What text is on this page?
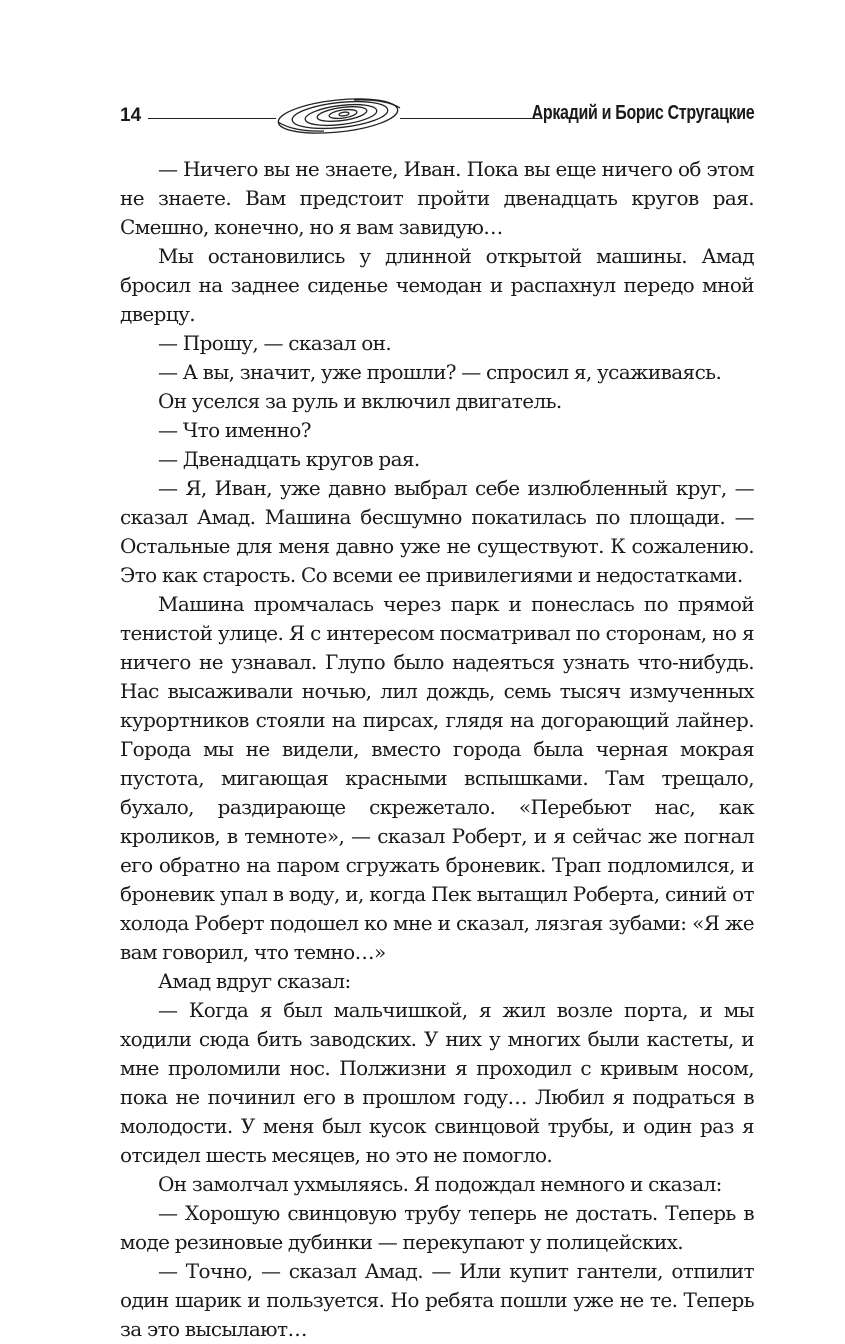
14	Аркадий и Борис Стругацкие

— Ничего вы не знаете, Иван. Пока вы еще ничего об этом не знаете. Вам предстоит пройти двенадцать кругов рая. Смешно, конечно, но я вам завидую…

Мы остановились у длинной открытой машины. Амад бросил на заднее сиденье чемодан и распахнул передо мной дверцу.

— Прошу, — сказал он.

— А вы, значит, уже прошли? — спросил я, усаживаясь.

Он уселся за руль и включил двигатель.

— Что именно?

— Двенадцать кругов рая.

— Я, Иван, уже давно выбрал себе излюбленный круг, — сказал Амад. Машина бесшумно покатилась по площади. — Остальные для меня давно уже не существуют. К сожалению. Это как старость. Со всеми ее привилегиями и недостатками.

Машина промчалась через парк и понеслась по прямой тенистой улице. Я с интересом посматривал по сторонам, но я ничего не узнавал. Глупо было надеяться узнать что-нибудь. Нас высаживали ночью, лил дождь, семь тысяч измученных курортников стояли на пирсах, глядя на догорающий лайнер. Города мы не видели, вместо города была черная мокрая пустота, мигающая красными вспышками. Там трещало, бухало, раздирающе скрежетало. «Перебьют нас, как кроликов, в темноте», — сказал Роберт, и я сейчас же погнал его обратно на паром сгружать броневик. Трап подломился, и броневик упал в воду, и, когда Пек вытащил Роберта, синий от холода Роберт подошел ко мне и сказал, лязгая зубами: «Я же вам говорил, что темно…»

Амад вдруг сказал:

— Когда я был мальчишкой, я жил возле порта, и мы ходили сюда бить заводских. У них у многих были кастеты, и мне проломили нос. Полжизни я проходил с кривым носом, пока не починил его в прошлом году… Любил я подраться в молодости. У меня был кусок свинцовой трубы, и один раз я отсидел шесть месяцев, но это не помогло.

Он замолчал ухмыляясь. Я подождал немного и сказал:

— Хорошую свинцовую трубу теперь не достать. Теперь в моде резиновые дубинки — перекупают у полицейских.

— Точно, — сказал Амад. — Или купит гантели, отпилит один шарик и пользуется. Но ребята пошли уже не те. Теперь за это высылают…
